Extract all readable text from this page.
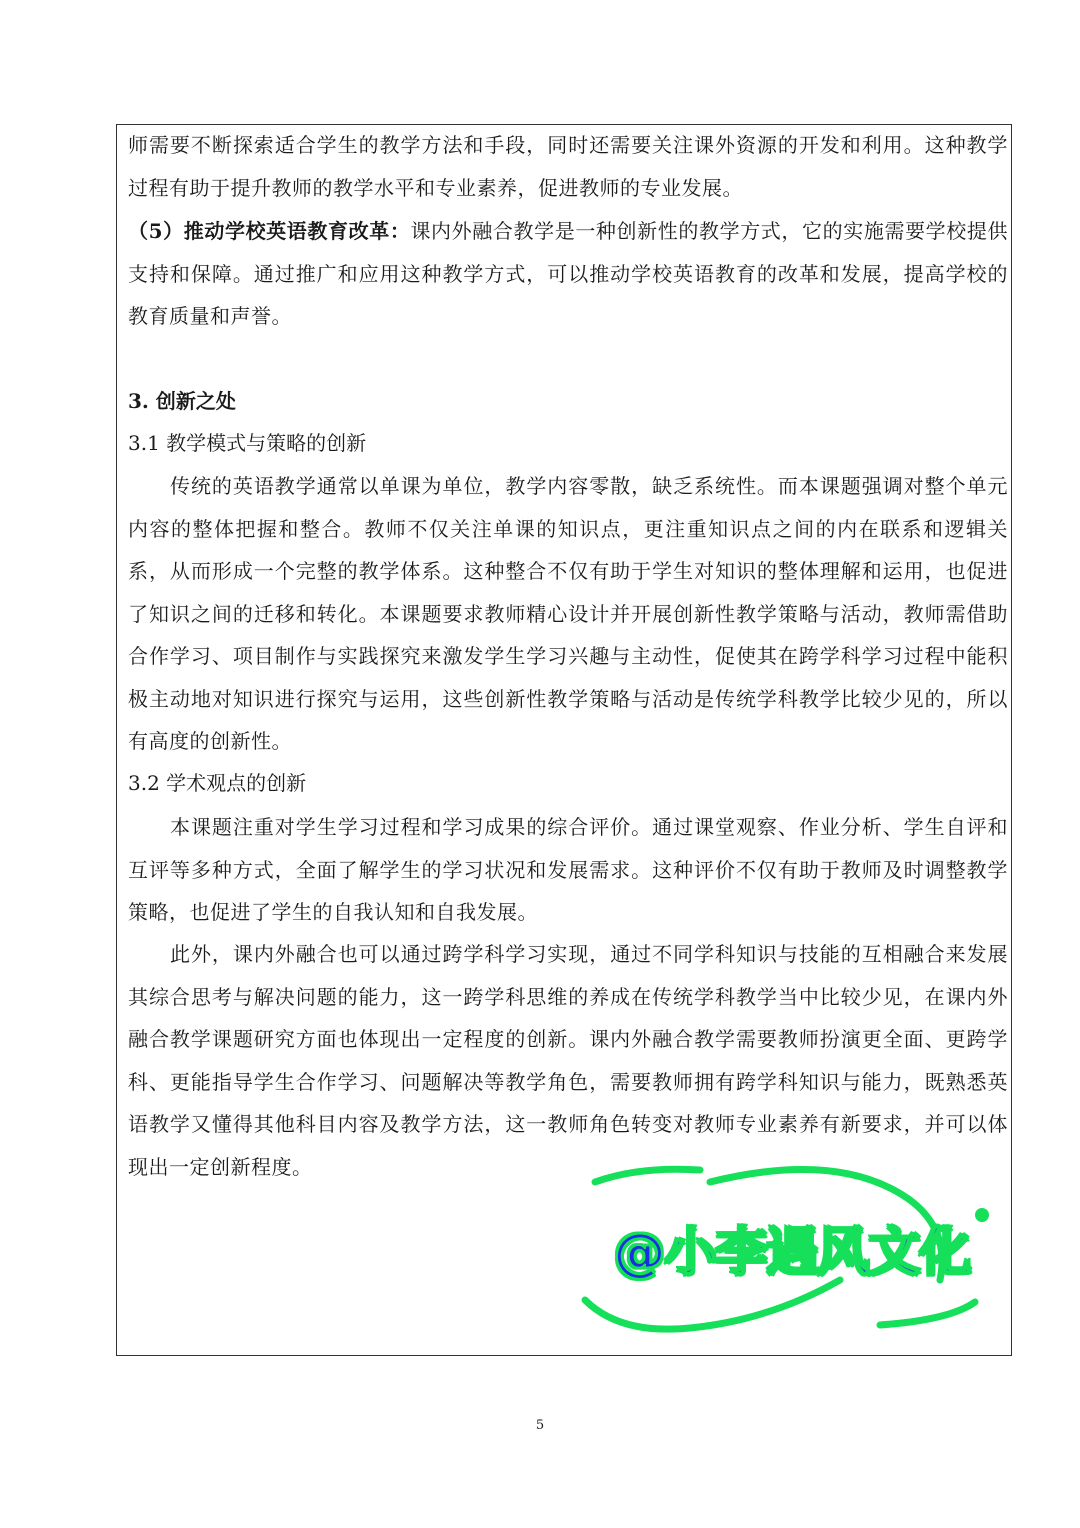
师需要不断探索适合学生的教学方法和手段，同时还需要关注课外资源的开发和利用。这种教学过程有助于提升教师的教学水平和专业素养，促进教师的专业发展。

（5）推动学校英语教育改革：课内外融合教学是一种创新性的教学方式，它的实施需要学校提供支持和保障。通过推广和应用这种教学方式，可以推动学校英语教育的改革和发展，提高学校的教育质量和声誉。

3. 创新之处

3.1 教学模式与策略的创新

传统的英语教学通常以单课为单位，教学内容零散，缺乏系统性。而本课题强调对整个单元内容的整体把握和整合。教师不仅关注单课的知识点，更注重知识点之间的内在联系和逻辑关系，从而形成一个完整的教学体系。这种整合不仅有助于学生对知识的整体理解和运用，也促进了知识之间的迁移和转化。本课题要求教师精心设计并开展创新性教学策略与活动，教师需借助合作学习、项目制作与实践探究来激发学生学习兴趣与主动性，促使其在跨学科学习过程中能积极主动地对知识进行探究与运用，这些创新性教学策略与活动是传统学科教学比较少见的，所以有高度的创新性。

3.2 学术观点的创新

本课题注重对学生学习过程和学习成果的综合评价。通过课堂观察、作业分析、学生自评和互评等多种方式，全面了解学生的学习状况和发展需求。这种评价不仅有助于教师及时调整教学策略，也促进了学生的自我认知和自我发展。

此外，课内外融合也可以通过跨学科学习实现，通过不同学科知识与技能的互相融合来发展其综合思考与解决问题的能力，这一跨学科思维的养成在传统学科教学当中比较少见，在课内外融合教学课题研究方面也体现出一定程度的创新。课内外融合教学需要教师扮演更全面、更跨学科、更能指导学生合作学习、问题解决等教学角色，需要教师拥有跨学科知识与能力，既熟悉英语教学又懂得其他科目内容及教学方法，这一教师角色转变对教师专业素养有新要求，并可以体现出一定创新程度。

@小李遇风文化
5
